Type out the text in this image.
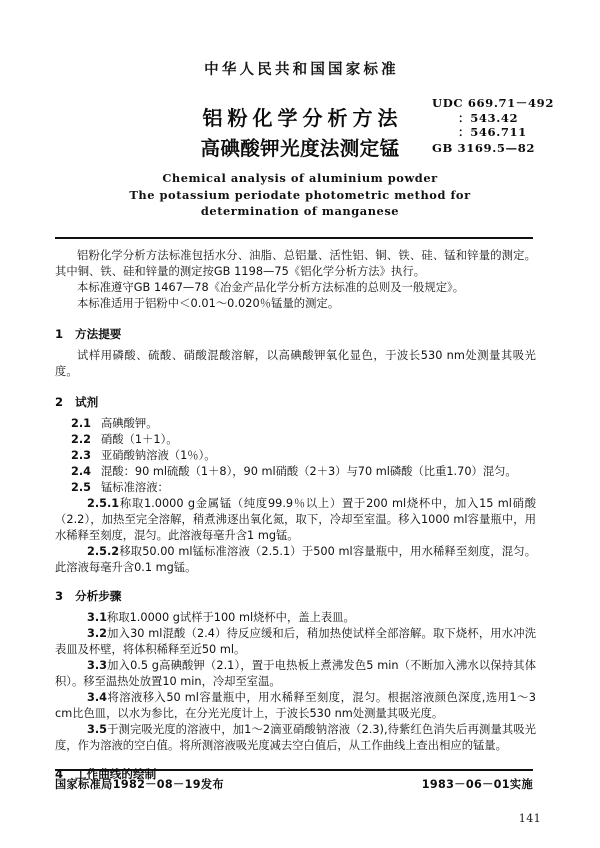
中华人民共和国国家标准
铝粉化学分析方法
高碘酸钾光度法测定锰
Chemical analysis of aluminium powder
The potassium periodate photometric method for
determination of manganese
UDC 669.71－492
：543.42
：546.711
GB 3169.5—82

铝粉化学分析方法标准包括水分、油脂、总铝量、活性铝、铜、铁、硅、锰和锌量的测定。其中铜、铁、硅和锌量的测定按GB 1198—75《铝化学分析方法》执行。

本标准遵守GB 1467—78《冶金产品化学分析方法标准的总则及一般规定》。

本标准适用于铝粉中＜0.01～0.020％锰量的测定。

1 方法提要

试样用磷酸、硫酸、硝酸混酸溶解，以高碘酸钾氧化显色，于波长530 nm处测量其吸光度。

2 试剂

2.1 高碘酸钾。

2.2 硝酸（1＋1）。

2.3 亚硝酸钠溶液（1％）。

2.4 混酸：90 ml硫酸（1＋8），90 ml硝酸（2＋3）与70 ml磷酸（比重1.70）混匀。

2.5 锰标准溶液：

2.5.1称取1.0000 g金属锰（纯度99.9％以上）置于200 ml烧杯中，加入15 ml硝酸（2.2），加热至完全溶解，稍煮沸逐出氧化氮，取下，冷却至室温。移入1000 ml容量瓶中，用水稀释至刻度，混匀。此溶液每毫升含1 mg锰。

2.5.2移取50.00 ml锰标准溶液（2.5.1）于500 ml容量瓶中，用水稀释至刻度，混匀。此溶液每毫升含0.1 mg锰。

3 分析步骤

3.1称取1.0000 g试样于100 ml烧杯中，盖上表皿。

3.2加入30 ml混酸（2.4）待反应缓和后，稍加热使试样全部溶解。取下烧杯，用水冲洗表皿及杯壁，将体积稀释至近50 ml。

3.3加入0.5 g高碘酸钾（2.1），置于电热板上煮沸发色5 min（不断加入沸水以保持其体积）。移至温热处放置10 min，冷却至室温。

3.4将溶液移入50 ml容量瓶中，用水稀释至刻度，混匀。根据溶液颜色深度,选用1～3 cm比色皿，以水为参比，在分光光度计上，于波长530 nm处测量其吸光度。

3.5于测完吸光度的溶液中，加1～2滴亚硝酸钠溶液（2.3),待紫红色消失后再测量其吸光度，作为溶液的空白值。将所测溶液吸光度减去空白值后，从工作曲线上查出相应的锰量。

4 工作曲线的绘制

国家标准局1982－08－19发布	1983－06－01实施
141
